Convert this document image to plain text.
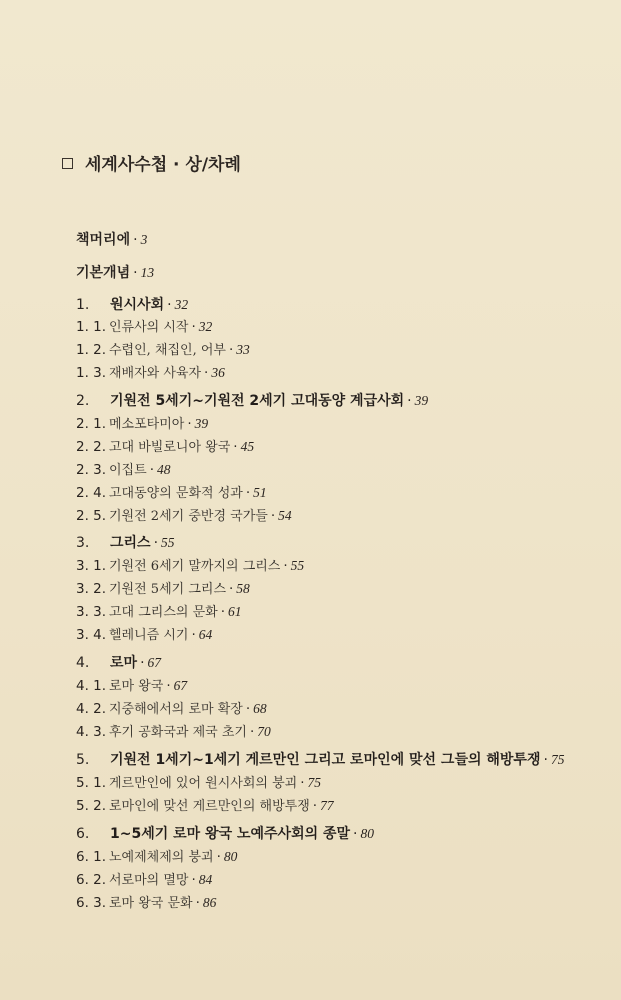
세계사수첩 · 상/차례
책머리에 · 3
기본개념 · 13
1. 원시사회 · 32
1. 1. 인류사의 시작 · 32
1. 2. 수렵인, 채집인, 어부 · 33
1. 3. 재배자와 사육자 · 36
2. 기원전 5세기~기원전 2세기 고대동양 계급사회 · 39
2. 1. 메소포타미아 · 39
2. 2. 고대 바빌로니아 왕국 · 45
2. 3. 이집트 · 48
2. 4. 고대동양의 문화적 성과 · 51
2. 5. 기원전 2세기 중반경 국가들 · 54
3. 그리스 · 55
3. 1. 기원전 6세기 말까지의 그리스 · 55
3. 2. 기원전 5세기 그리스 · 58
3. 3. 고대 그리스의 문화 · 61
3. 4. 헬레니즘 시기 · 64
4. 로마 · 67
4. 1. 로마 왕국 · 67
4. 2. 지중해에서의 로마 확장 · 68
4. 3. 후기 공화국과 제국 초기 · 70
5. 기원전 1세기~1세기 게르만인 그리고 로마인에 맞선 그들의 해방투쟁 · 75
5. 1. 게르만인에 있어 원시사회의 붕괴 · 75
5. 2. 로마인에 맞선 게르만인의 해방투쟁 · 77
6. 1~5세기 로마 왕국 노예주사회의 종말 · 80
6. 1. 노예제체제의 붕괴 · 80
6. 2. 서로마의 멸망 · 84
6. 3. 로마 왕국 문화 · 86
